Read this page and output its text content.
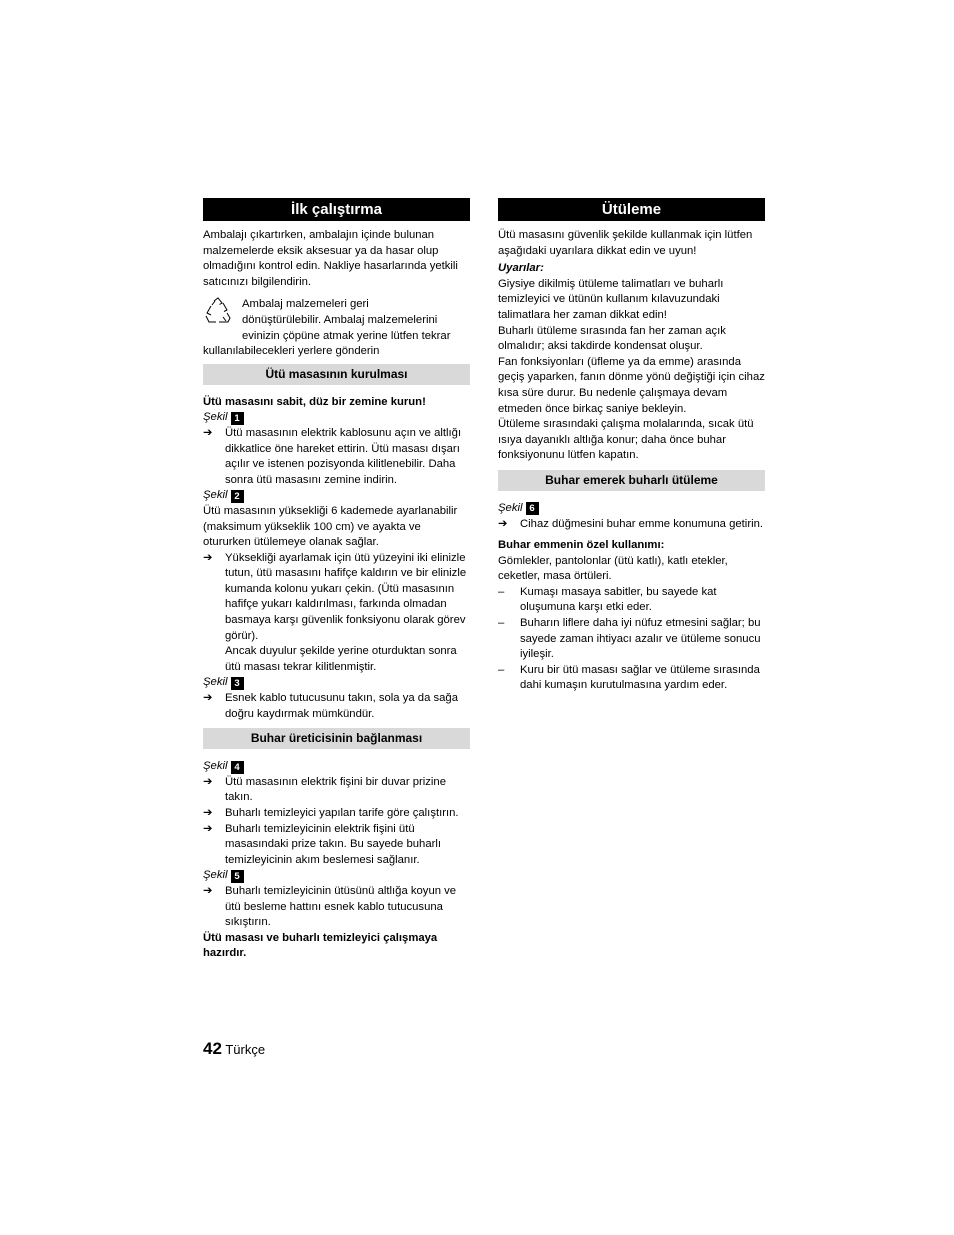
İlk çalıştırma

Ambalajı çıkartırken, ambalajın içinde bulunan malzemelerde eksik aksesuar ya da hasar olup olmadığını kontrol edin. Nakliye hasarlarında yetkili satıcınızı bilgilendirin.

Ambalaj malzemeleri geri
dönüştürülebilir. Ambalaj malzemelerini
evinizin çöpüne atmak yerine lütfen tekrar
kullanılabilecekleri yerlere gönderin
Ütü masasının kurulması

Ütü masasını sabit, düz bir zemine kurun!

Şekil 1
➔	Ütü masasının elektrik kablosunu açın ve altlığı dikkatlice öne hareket ettirin. Ütü masası dışarı açılır ve istenen pozisyonda kilitlenebilir. Daha sonra ütü masasını zemine indirin.
Şekil 2

Ütü masasının yüksekliği 6 kademede ayarlanabilir (maksimum yükseklik 100 cm) ve ayakta ve otururken ütülemeye olanak sağlar.

➔	Yüksekliği ayarlamak için ütü yüzeyini iki elinizle tutun, ütü masasını hafifçe kaldırın ve bir elinizle kumanda kolonu yukarı çekin. (Ütü masasının hafifçe yukarı kaldırılması, farkında olmadan basmaya karşı güvenlik fonksiyonu olarak görev görür).

Ancak duyulur şekilde yerine oturduktan sonra ütü masası tekrar kilitlenmiştir.

Şekil 3
➔	Esnek kablo tutucusunu takın, sola ya da sağa doğru kaydırmak mümkündür.
Buhar üreticisinin bağlanması
Şekil 4
➔	Ütü masasının elektrik fişini bir duvar prizine takın.
➔	Buharlı temizleyici yapılan tarife göre çalıştırın.
➔	Buharlı temizleyicinin elektrik fişini ütü masasındaki prize takın. Bu sayede buharlı temizleyicinin akım beslemesi sağlanır.
Şekil 5
➔	Buharlı temizleyicinin ütüsünü altlığa koyun ve ütü besleme hattını esnek kablo tutucusuna sıkıştırın.

Ütü masası ve buharlı temizleyici çalışmaya hazırdır.

Ütüleme

Ütü masasını güvenlik şekilde kullanmak için lütfen aşağıdaki uyarılara dikkat edin ve uyun!

Uyarılar:

Giysiye dikilmiş ütüleme talimatları ve buharlı temizleyici ve ütünün kullanım kılavuzundaki talimatlara her zaman dikkat edin!

Buharlı ütüleme sırasında fan her zaman açık olmalıdır; aksi takdirde kondensat oluşur.

Fan fonksiyonları (üfleme ya da emme) arasında geçiş yaparken, fanın dönme yönü değiştiği için cihaz kısa süre durur. Bu nedenle çalışmaya devam etmeden önce birkaç saniye bekleyin.

Ütüleme sırasındaki çalışma molalarında, sıcak ütü ısıya dayanıklı altlığa konur; daha önce buhar fonksiyonunu lütfen kapatın.

Buhar emerek buharlı ütüleme
Şekil 6
➔	Cihaz düğmesini buhar emme konumuna getirin.

Buhar emmenin özel kullanımı:

Gömlekler, pantolonlar (ütü katlı), katlı etekler, ceketler, masa örtüleri.

–	Kumaşı masaya sabitler, bu sayede kat oluşumuna karşı etki eder.
–	Buharın liflere daha iyi nüfuz etmesini sağlar; bu sayede zaman ihtiyacı azalır ve ütüleme sonucu iyileşir.
–	Kuru bir ütü masası sağlar ve ütüleme sırasında dahi kumaşın kurutulmasına yardım eder.
42 Türkçe
